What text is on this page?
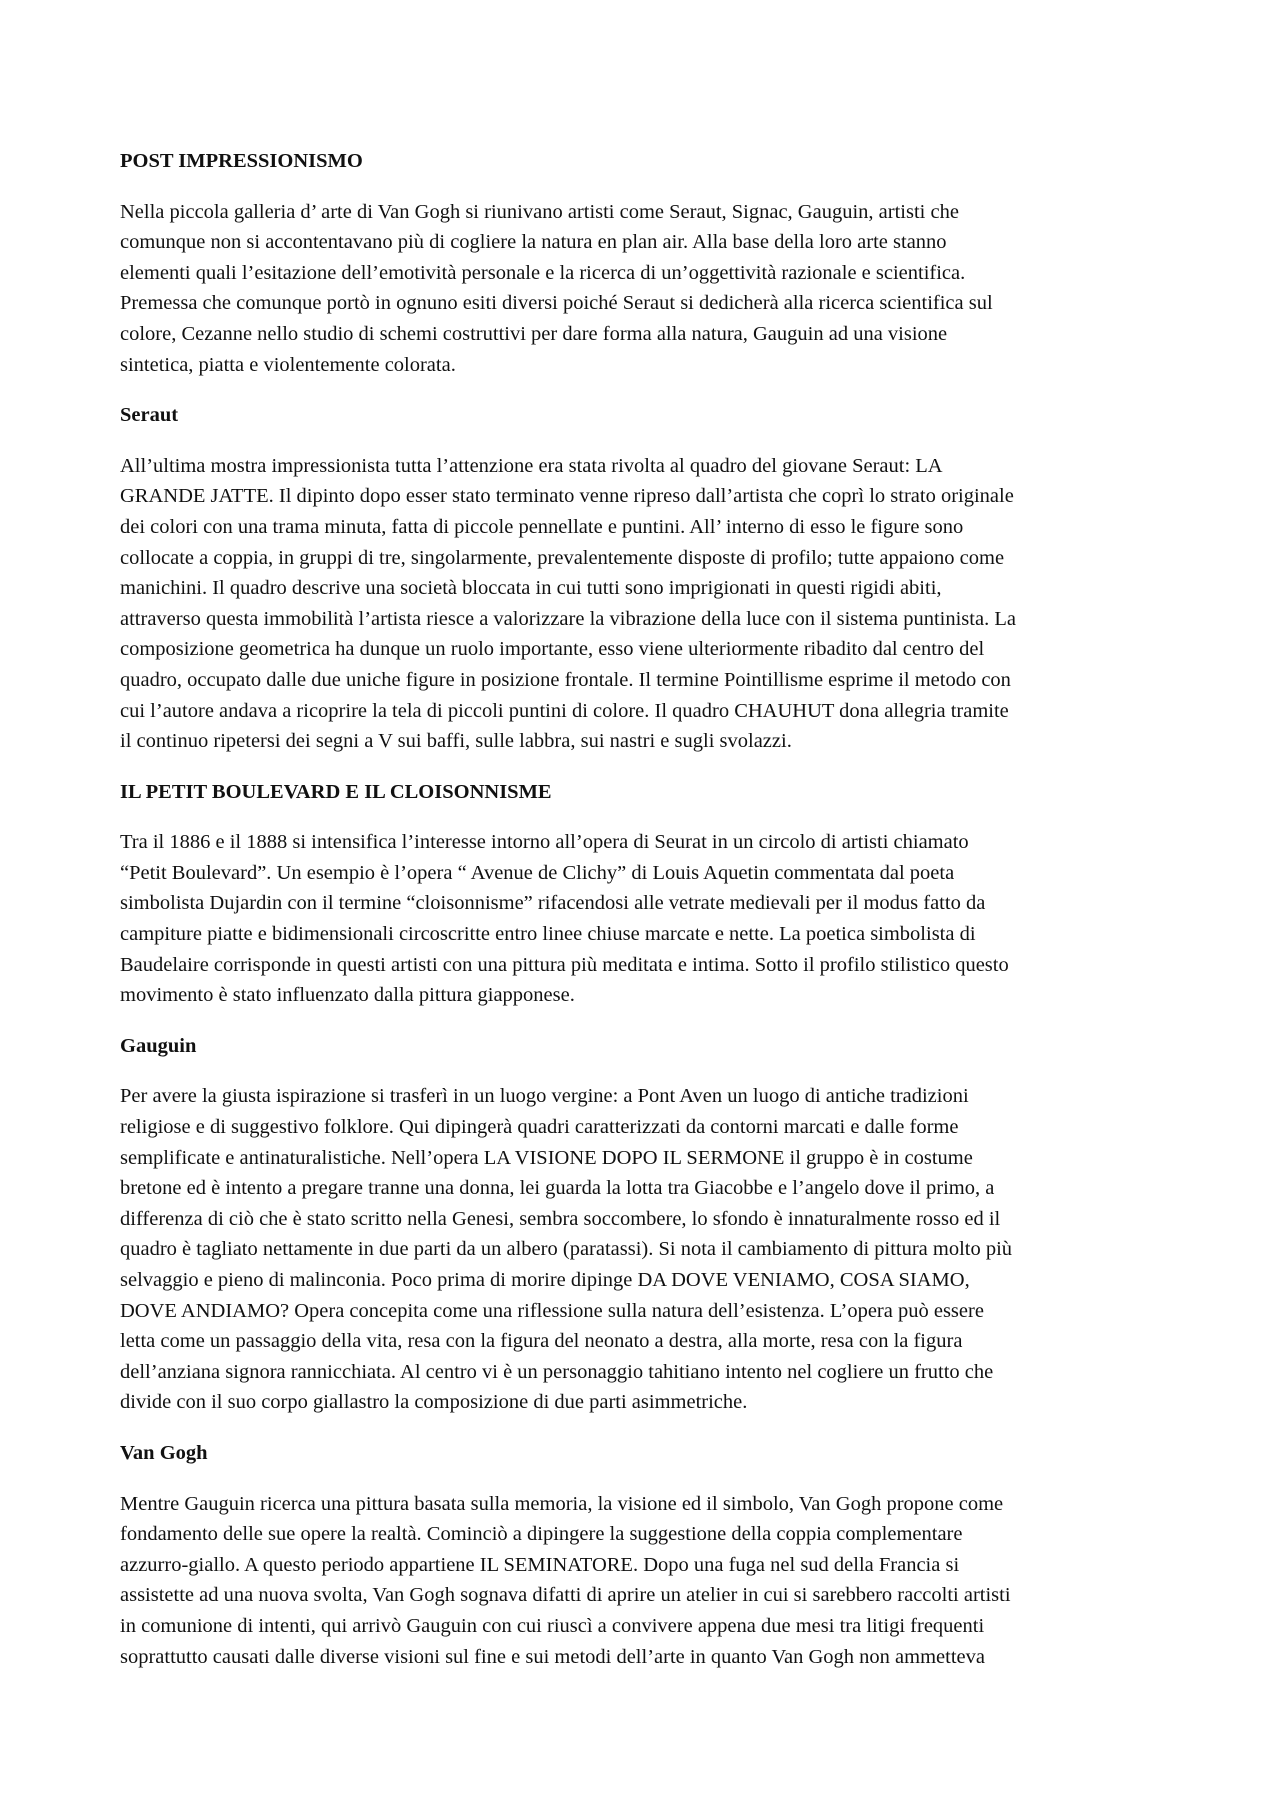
POST IMPRESSIONISMO
Nella piccola galleria d’ arte di Van Gogh si riunivano artisti come Seraut, Signac, Gauguin, artisti che
comunque non si accontentavano più di cogliere la natura en plan air. Alla base della loro arte stanno
elementi quali l’esitazione dell’emotività personale e la ricerca di un’oggettività razionale e scientifica.
Premessa che comunque portò in ognuno esiti diversi poiché Seraut si dedicherà alla ricerca scientifica sul
colore, Cezanne nello studio di schemi costruttivi per dare forma alla natura, Gauguin ad una visione
sintetica, piatta e violentemente colorata.
Seraut
All’ultima mostra impressionista tutta l’attenzione era stata rivolta al quadro del giovane Seraut: LA
GRANDE JATTE. Il dipinto dopo esser stato terminato venne ripreso dall’artista che coprì lo strato originale
dei colori con una trama minuta, fatta di piccole pennellate e puntini. All’ interno di esso le figure sono
collocate a coppia, in gruppi di tre, singolarmente, prevalentemente disposte di profilo; tutte appaiono come
manichini. Il quadro descrive una società bloccata in cui tutti sono imprigionati in questi rigidi abiti,
attraverso questa immobilità l’artista riesce a valorizzare la vibrazione della luce con il sistema puntinista. La
composizione geometrica ha dunque un ruolo importante, esso viene ulteriormente ribadito dal centro del
quadro, occupato dalle due uniche figure in posizione frontale. Il termine Pointillisme esprime il metodo con
cui l’autore andava a ricoprire la tela di piccoli puntini di colore. Il quadro CHAUHUT dona allegria tramite
il continuo ripetersi dei segni a V sui baffi, sulle labbra, sui nastri e sugli svolazzi.
IL PETIT BOULEVARD E IL CLOISONNISME
Tra il 1886 e il 1888 si intensifica l’interesse intorno all’opera di Seurat in un circolo di artisti chiamato
“Petit Boulevard”. Un esempio è l’opera “ Avenue de Clichy” di Louis Aquetin commentata dal poeta
simbolista Dujardin con il termine “cloisonnisme” rifacendosi alle vetrate medievali per il modus fatto da
campiture piatte e bidimensionali circoscritte entro linee chiuse marcate e nette. La poetica simbolista di
Baudelaire corrisponde in questi artisti con una pittura più meditata e intima. Sotto il profilo stilistico questo
movimento è stato influenzato dalla pittura giapponese.
Gauguin
Per avere la giusta ispirazione si trasferì in un luogo vergine: a Pont Aven un luogo di antiche tradizioni
religiose e di suggestivo folklore. Qui dipingerà quadri caratterizzati da contorni marcati e dalle forme
semplificate e antinaturalistiche. Nell’opera LA VISIONE DOPO IL SERMONE il gruppo è in costume
bretone ed è intento a pregare tranne una donna, lei guarda la lotta tra Giacobbe e l’angelo dove il primo, a
differenza di ciò che è stato scritto nella Genesi, sembra soccombere, lo sfondo è innaturalmente rosso ed il
quadro è tagliato nettamente in due parti da un albero (paratassi). Si nota il cambiamento di pittura molto più
selvaggio e pieno di malinconia. Poco prima di morire dipinge DA DOVE VENIAMO, COSA SIAMO,
DOVE ANDIAMO? Opera concepita come una riflessione sulla natura dell’esistenza. L’opera può essere
letta come un passaggio della vita, resa con la figura del neonato a destra, alla morte, resa con la figura
dell’anziana signora rannicchiata. Al centro vi è un personaggio tahitiano intento nel cogliere un frutto che
divide con il suo corpo giallastro la composizione di due parti asimmetriche.
Van Gogh
Mentre Gauguin ricerca una pittura basata sulla memoria, la visione ed il simbolo, Van Gogh propone come
fondamento delle sue opere la realtà. Cominciò a dipingere la suggestione della coppia complementare
azzurro-giallo. A questo periodo appartiene IL SEMINATORE. Dopo una fuga nel sud della Francia si
assistette ad una nuova svolta, Van Gogh sognava difatti di aprire un atelier in cui si sarebbero raccolti artisti
in comunione di intenti, qui arrivò Gauguin con cui riuscì a convivere appena due mesi tra litigi frequenti
soprattutto causati dalle diverse visioni sul fine e sui metodi dell’arte in quanto Van Gogh non ammetteva
